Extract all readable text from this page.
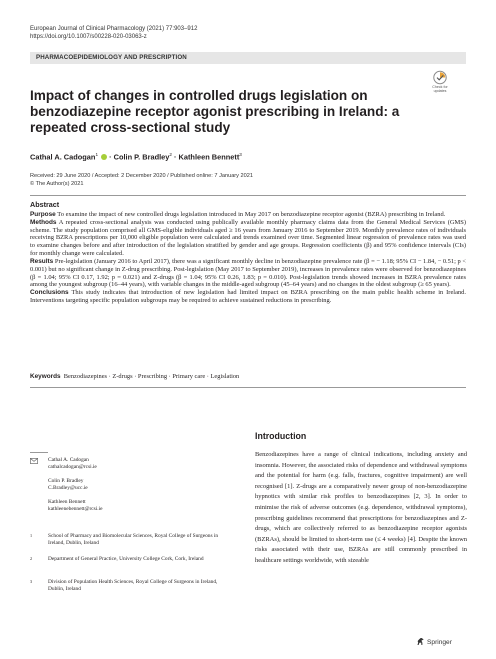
European Journal of Clinical Pharmacology (2021) 77:903–912
https://doi.org/10.1007/s00228-020-03063-z
PHARMACOEPIDEMIOLOGY AND PRESCRIPTION
Check for
updates
Impact of changes in controlled drugs legislation on benzodiazepine receptor agonist prescribing in Ireland: a repeated cross-sectional study
Cathal A. Cadogan$^1$  · Colin P. Bradley$^2$ · Kathleen Bennett$^3$
Received: 29 June 2020 / Accepted: 2 December 2020 / Published online: 7 January 2021
© The Author(s) 2021
Abstract

Purpose To examine the impact of new controlled drugs legislation introduced in May 2017 on benzodiazepine receptor agonist (BZRA) prescribing in Ireland.

Methods A repeated cross-sectional analysis was conducted using publically available monthly pharmacy claims data from the General Medical Services (GMS) scheme. The study population comprised all GMS-eligible individuals aged ≥ 16 years from January 2016 to September 2019. Monthly prevalence rates of individuals receiving BZRA prescriptions per 10,000 eligible population were calculated and trends examined over time. Segmented linear regression of prevalence rates was used to examine changes before and after introduction of the legislation stratified by gender and age groups. Regression coefficients (β) and 95% confidence intervals (CIs) for monthly change were calculated.

Results Pre-legislation (January 2016 to April 2017), there was a significant monthly decline in benzodiazepine prevalence rate (β = − 1.18; 95% CI − 1.84, − 0.51; p < 0.001) but no significant change in Z-drug prescribing. Post-legislation (May 2017 to September 2019), increases in prevalence rates were observed for benzodiazepines (β = 1.04; 95% CI 0.17, 1.92; p = 0.021) and Z-drugs (β = 1.04; 95% CI 0.26, 1.83; p = 0.010). Post-legislation trends showed increases in BZRA prevalence rates among the youngest subgroup (16–44 years), with variable changes in the middle-aged subgroup (45–64 years) and no changes in the oldest subgroup (≥ 65 years).

Conclusions This study indicates that introduction of new legislation had limited impact on BZRA prescribing on the main public health scheme in Ireland. Interventions targeting specific population subgroups may be required to achieve sustained reductions in prescribing.

Keywords Benzodiazepines · Z-drugs · Prescribing · Primary care · Legislation
Introduction

Benzodiazepines have a range of clinical indications, including anxiety and insomnia. However, the associated risks of dependence and withdrawal symptoms and the potential for harm (e.g. falls, fractures, cognitive impairment) are well recognised [1]. Z-drugs are a comparatively newer group of non-benzodiazepine hypnotics with similar risk profiles to benzodiazepines [2, 3]. In order to minimise the risk of adverse outcomes (e.g. dependence, withdrawal symptoms), prescribing guidelines recommend that prescriptions for benzodiazepines and Z-drugs, which are collectively referred to as benzodiazepine receptor agonists (BZRAs), should be limited to short-term use (≤ 4 weeks) [4]. Despite the known risks associated with their use, BZRAs are still commonly prescribed in healthcare settings worldwide, with sizeable

Cathal A. Cadogan
cathalcadogan@rcsi.ie
Colin P. Bradley
C.Bradley@ucc.ie
Kathleen Bennett
kathleenebennett@rcsi.ie
1	School of Pharmacy and Biomolecular Sciences, Royal College of Surgeons in Ireland, Dublin, Ireland
2	Department of General Practice, University College Cork, Cork, Ireland
3	Division of Population Health Sciences, Royal College of Surgeons in Ireland, Dublin, Ireland
Springer
